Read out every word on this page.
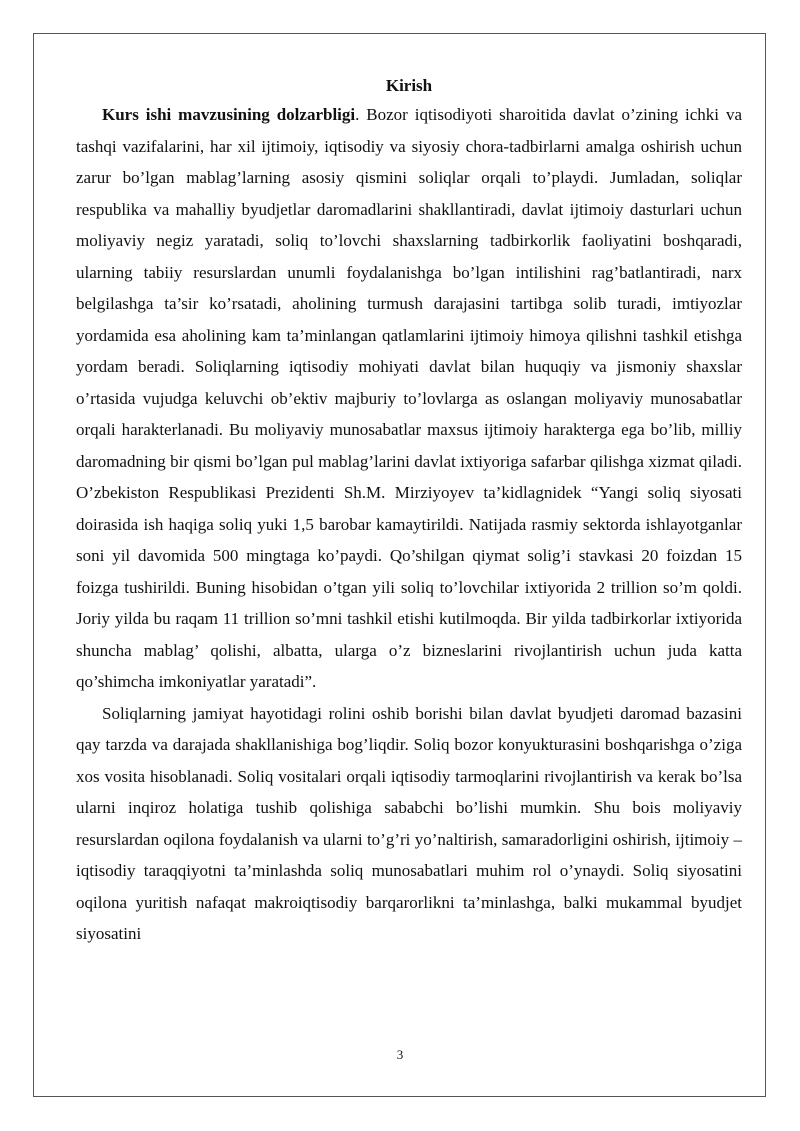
Kirish

Kurs ishi mavzusining dolzarbligi. Bozor iqtisodiyoti sharoitida davlat o’zining ichki va tashqi vazifalarini, har xil ijtimoiy, iqtisodiy va siyosiy chora-tadbirlarni amalga oshirish uchun zarur bo’lgan mablag’larning asosiy qismini soliqlar orqali to’playdi. Jumladan, soliqlar respublika va mahalliy byudjetlar daromadlarini shakllantiradi, davlat ijtimoiy dasturlari uchun moliyaviy negiz yaratadi, soliq to’lovchi shaxslarning tadbirkorlik faoliyatini boshqaradi, ularning tabiiy resurslardan unumli foydalanishga bo’lgan intilishini rag’batlantiradi, narx belgilashga ta’sir ko’rsatadi, aholining turmush darajasini tartibga solib turadi, imtiyozlar yordamida esa aholining kam ta’minlangan qatlamlarini ijtimoiy himoya qilishni tashkil etishga yordam beradi. Soliqlarning iqtisodiy mohiyati davlat bilan huquqiy va jismoniy shaxslar o’rtasida vujudga keluvchi ob’ektiv majburiy to’lovlarga as oslangan moliyaviy munosabatlar orqali harakterlanadi. Bu moliyaviy munosabatlar maxsus ijtimoiy harakterga ega bo’lib, milliy daromadning bir qismi bo’lgan pul mablag’larini davlat ixtiyoriga safarbar qilishga xizmat qiladi. O’zbekiston Respublikasi Prezidenti Sh.M. Mirziyoyev ta’kidlagnidek “Yangi soliq siyosati doirasida ish haqiga soliq yuki 1,5 barobar kamaytirildi. Natijada rasmiy sektorda ishlayotganlar soni yil davomida 500 mingtaga ko’paydi. Qo’shilgan qiymat solig’i stavkasi 20 foizdan 15 foizga tushirildi. Buning hisobidan o’tgan yili soliq to’lovchilar ixtiyorida 2 trillion so’m qoldi. Joriy yilda bu raqam 11 trillion so’mni tashkil etishi kutilmoqda. Bir yilda tadbirkorlar ixtiyorida shuncha mablag’ qolishi, albatta, ularga o’z bizneslarini rivojlantirish uchun juda katta qo’shimcha imkoniyatlar yaratadi”.

Soliqlarning jamiyat hayotidagi rolini oshib borishi bilan davlat byudjeti daromad bazasini qay tarzda va darajada shakllanishiga bog’liqdir. Soliq bozor konyukturasini boshqarishga o’ziga xos vosita hisoblanadi. Soliq vositalari orqali iqtisodiy tarmoqlarini rivojlantirish va kerak bo’lsa ularni inqiroz holatiga tushib qolishiga sababchi bo’lishi mumkin. Shu bois moliyaviy resurslardan oqilona foydalanish va ularni to’g’ri yo’naltirish, samaradorligini oshirish, ijtimoiy – iqtisodiy taraqqiyotni ta’minlashda soliq munosabatlari muhim rol o’ynaydi. Soliq siyosatini oqilona yuritish nafaqat makroiqtisodiy barqarorlikni ta’minlashga, balki mukammal byudjet siyosatini

3
